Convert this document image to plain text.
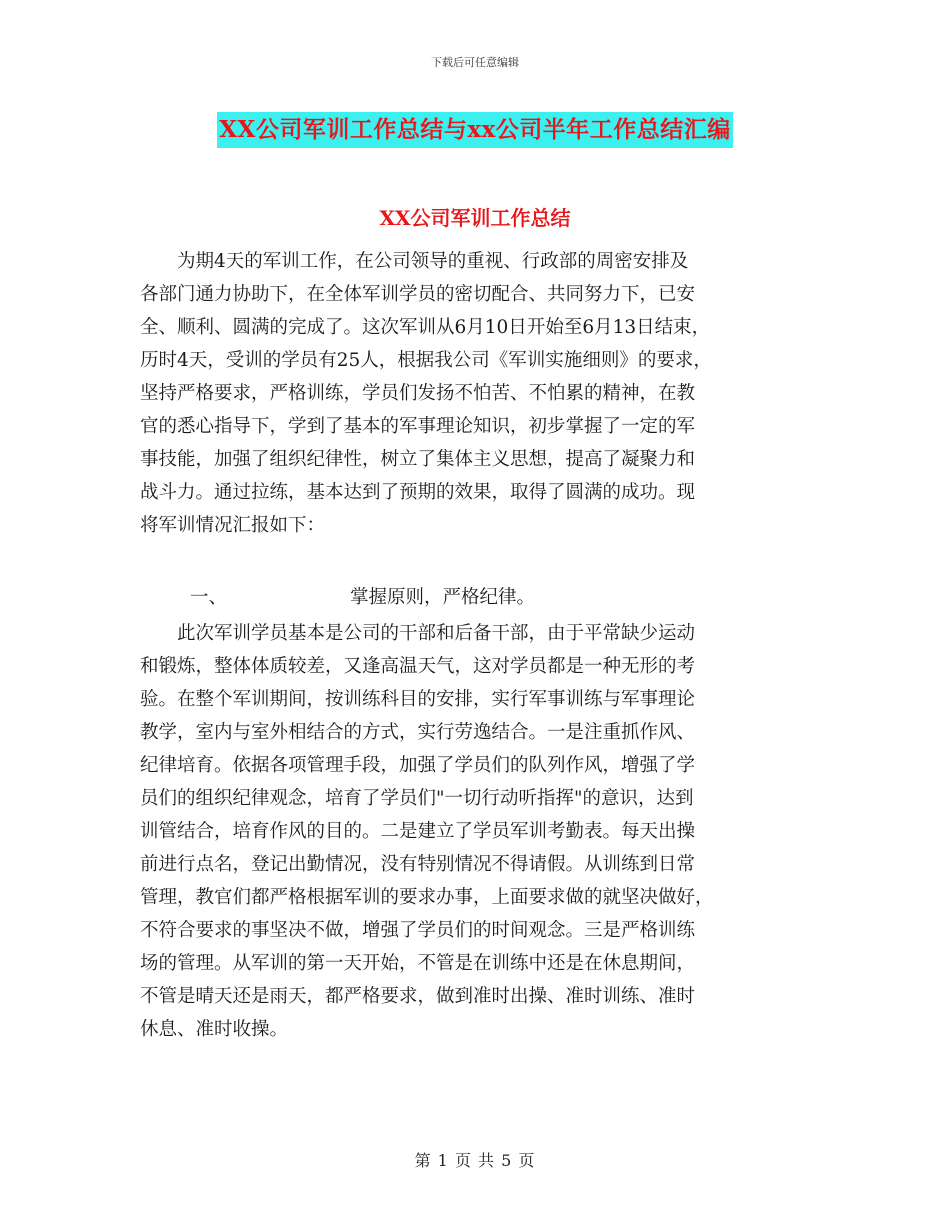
下载后可任意编辑
XX公司军训工作总结与xx公司半年工作总结汇编
XX公司军训工作总结
　　为期4天的军训工作，在公司领导的重视、行政部的周密安排及
各部门通力协助下，在全体军训学员的密切配合、共同努力下，已安
全、顺利、圆满的完成了。这次军训从6月10日开始至6月13日结束，
历时4天，受训的学员有25人，根据我公司《军训实施细则》的要求，
坚持严格要求，严格训练，学员们发扬不怕苦、不怕累的精神，在教
官的悉心指导下，学到了基本的军事理论知识，初步掌握了一定的军
事技能，加强了组织纪律性，树立了集体主义思想，提高了凝聚力和
战斗力。通过拉练，基本达到了预期的效果，取得了圆满的成功。现
将军训情况汇报如下：
一、	掌握原则，严格纪律。
　　此次军训学员基本是公司的干部和后备干部，由于平常缺少运动
和锻炼，整体体质较差，又逢高温天气，这对学员都是一种无形的考
验。在整个军训期间，按训练科目的安排，实行军事训练与军事理论
教学，室内与室外相结合的方式，实行劳逸结合。一是注重抓作风、
纪律培育。依据各项管理手段，加强了学员们的队列作风，增强了学
员们的组织纪律观念，培育了学员们"一切行动听指挥"的意识，达到
训管结合，培育作风的目的。二是建立了学员军训考勤表。每天出操
前进行点名，登记出勤情况，没有特别情况不得请假。从训练到日常
管理，教官们都严格根据军训的要求办事，上面要求做的就坚决做好，
不符合要求的事坚决不做，增强了学员们的时间观念。三是严格训练
场的管理。从军训的第一天开始，不管是在训练中还是在休息期间，
不管是晴天还是雨天，都严格要求，做到准时出操、准时训练、准时
休息、准时收操。
第 1 页 共 5 页
